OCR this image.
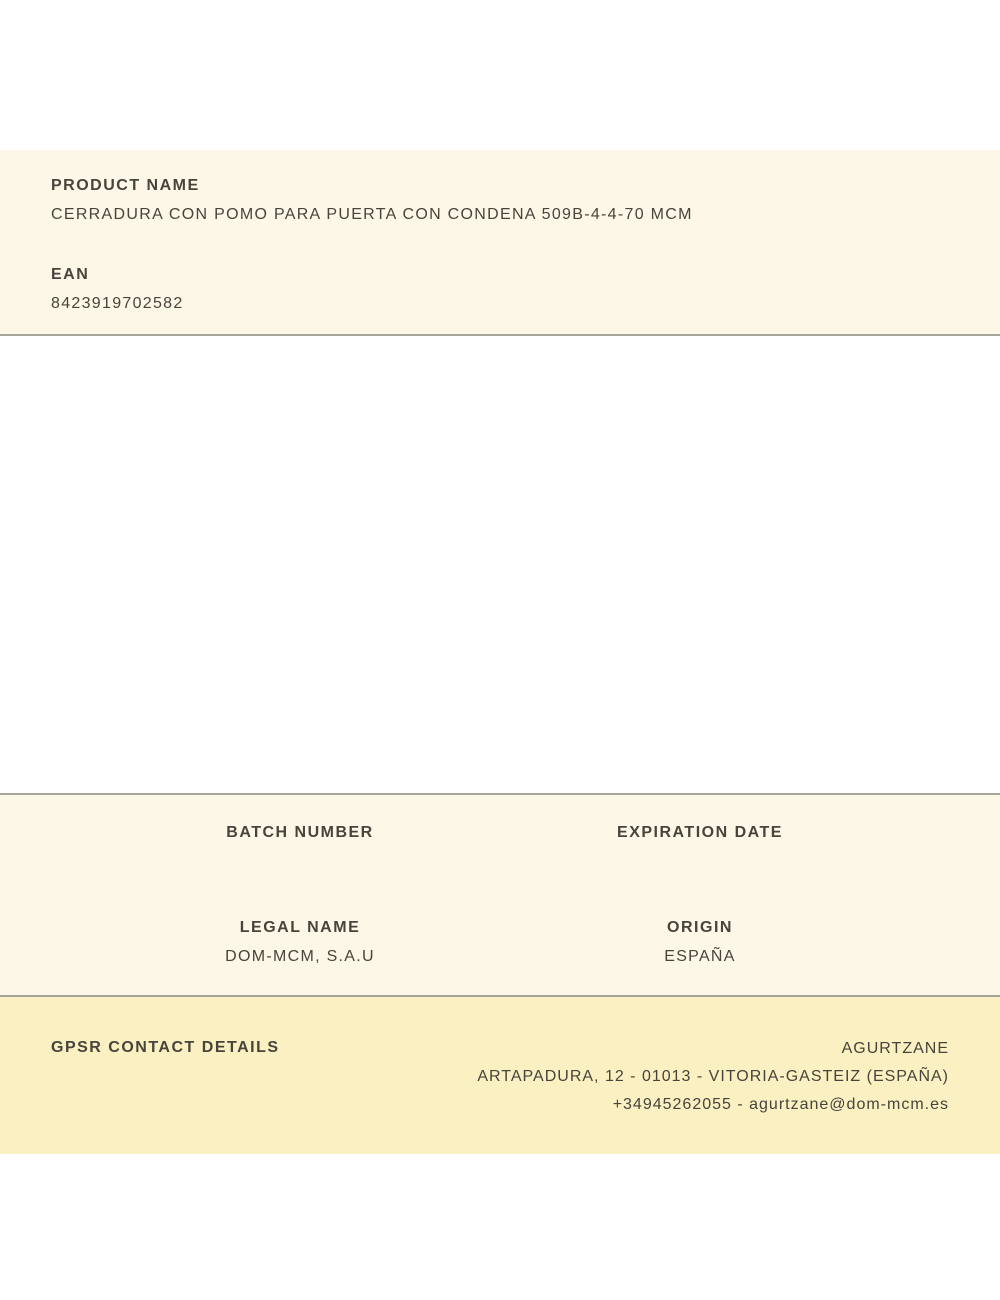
PRODUCT NAME
CERRADURA CON POMO PARA PUERTA CON CONDENA 509B-4-4-70 MCM
EAN
8423919702582
BATCH NUMBER	EXPIRATION DATE
LEGAL NAME
DOM-MCM, S.A.U
ORIGIN
ESPAÑA
GPSR CONTACT DETAILS	AGURTZANE
ARTAPADURA, 12 - 01013 - VITORIA-GASTEIZ (ESPAÑA)
+34945262055 - agurtzane@dom-mcm.es
